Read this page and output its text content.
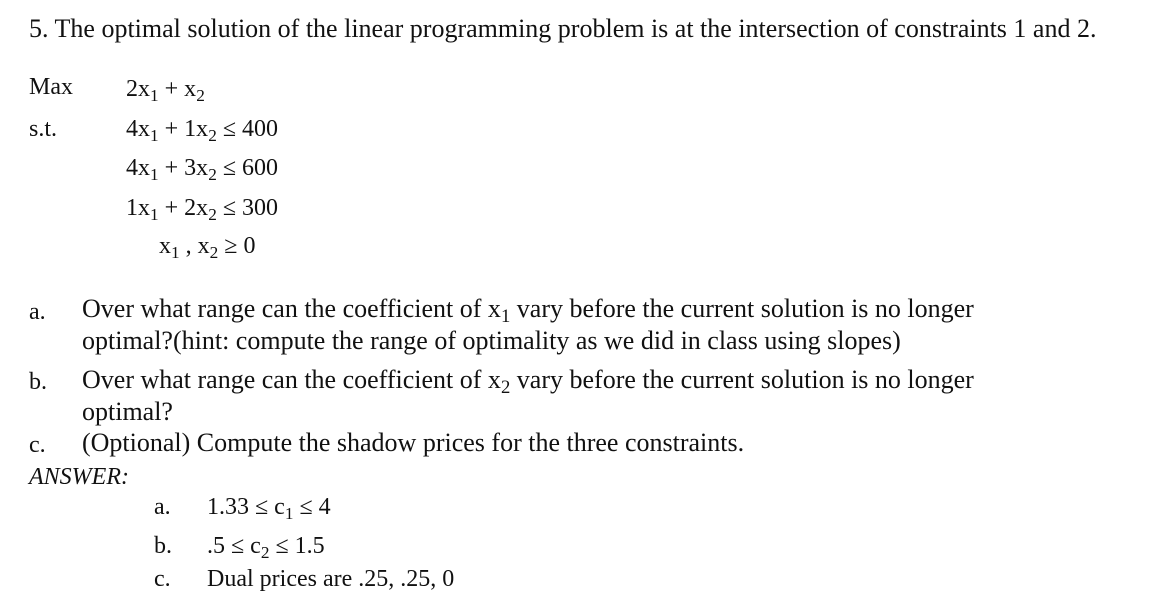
5. The optimal solution of the linear programming problem is at the intersection of constraints 1 and 2.
Max $2x_1 + x_2$
s.t.	$4x_1 + 1x_2 \le 400$
$4x_1 + 3x_2 \le 600$
$1x_1 + 2x_2 \le 300$
$x_1$ , $x_2 \ge 0$
a. Over what range can the coefficient of $x_1$ vary before the current solution is no longer
optimal?(hint: compute the range of optimality as we did in class using slopes)
b. Over what range can the coefficient of $x_2$ vary before the current solution is no longer
optimal?
c. (Optional) Compute the shadow prices for the three constraints.
ANSWER:
a. $1.33 \le c_1 \le 4$
b. $.5 \le c_2 \le 1.5$
c. Dual prices are .25, .25, 0
